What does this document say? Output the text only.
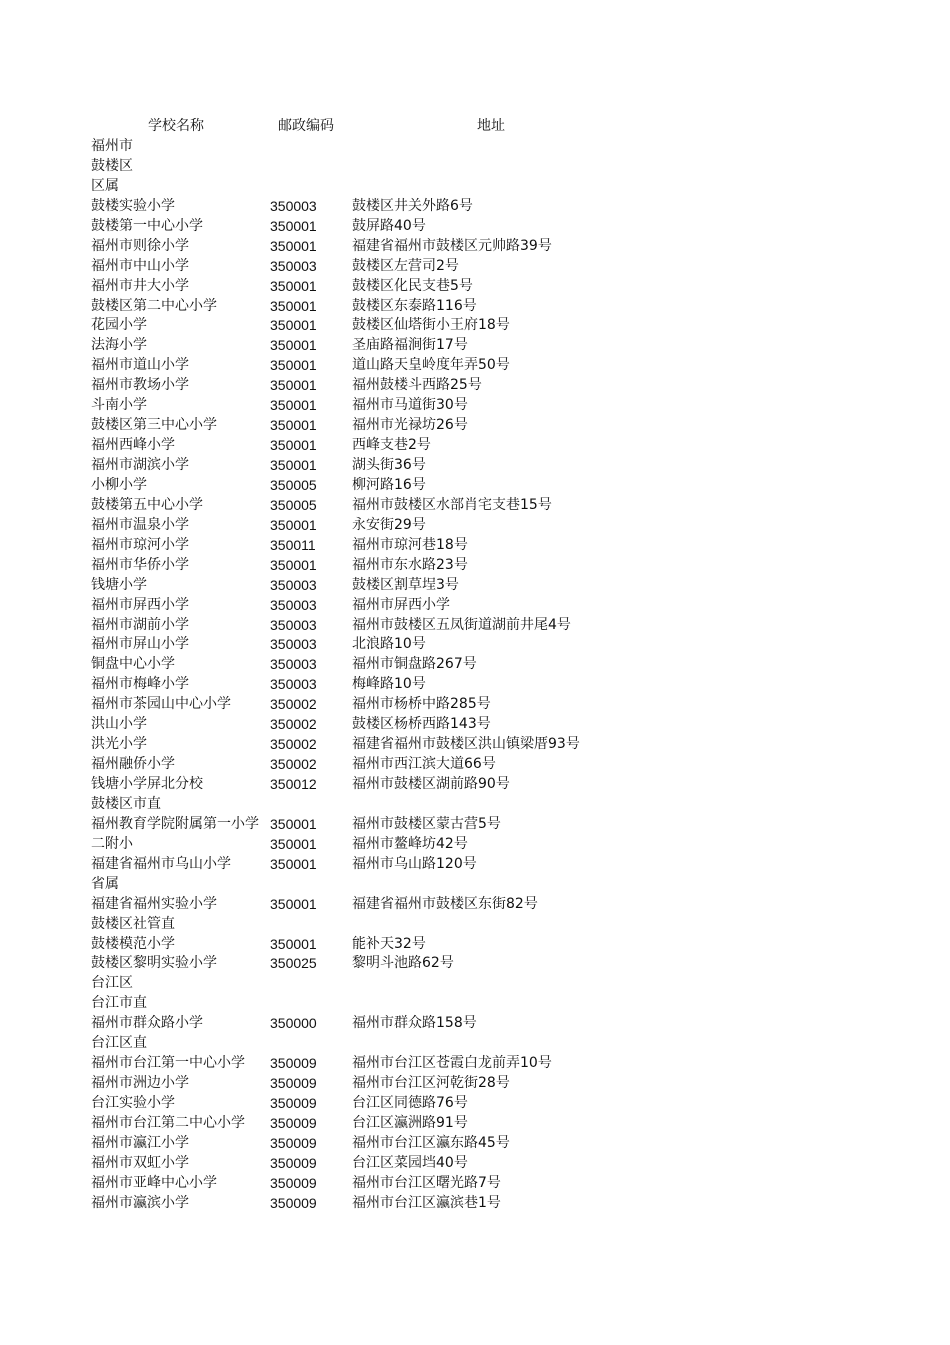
学校名称	邮政编码	地址
福州市
鼓楼区
区属
鼓楼实验小学	350003	鼓楼区井关外路6号
鼓楼第一中心小学	350001	鼓屏路40号
福州市则徐小学	350001	福建省福州市鼓楼区元帅路39号
福州市中山小学	350003	鼓楼区左营司2号
福州市井大小学	350001	鼓楼区化民支巷5号
鼓楼区第二中心小学	350001	鼓楼区东泰路116号
花园小学	350001	鼓楼区仙塔街小王府18号
法海小学	350001	圣庙路福涧街17号
福州市道山小学	350001	道山路天皇岭度年弄50号
福州市教场小学	350001	福州鼓楼斗西路25号
斗南小学	350001	福州市马道街30号
鼓楼区第三中心小学	350001	福州市光禄坊26号
福州西峰小学	350001	西峰支巷2号
福州市湖滨小学	350001	湖头街36号
小柳小学	350005	柳河路16号
鼓楼第五中心小学	350005	福州市鼓楼区水部肖宅支巷15号
福州市温泉小学	350001	永安街29号
福州市琼河小学	350011	福州市琼河巷18号
福州市华侨小学	350001	福州市东水路23号
钱塘小学	350003	鼓楼区割草埕3号
福州市屏西小学	350003	福州市屏西小学
福州市湖前小学	350003	福州市鼓楼区五凤街道湖前井尾4号
福州市屏山小学	350003	北浪路10号
铜盘中心小学	350003	福州市铜盘路267号
福州市梅峰小学	350003	梅峰路10号
福州市茶园山中心小学	350002	福州市杨桥中路285号
洪山小学	350002	鼓楼区杨桥西路143号
洪光小学	350002	福建省福州市鼓楼区洪山镇梁厝93号
福州融侨小学	350002	福州市西江滨大道66号
钱塘小学屏北分校	350012	福州市鼓楼区湖前路90号
鼓楼区市直
福州教育学院附属第一小学 350001	福州市鼓楼区蒙古营5号
二附小	350001	福州市鳌峰坊42号
福建省福州市乌山小学	350001	福州市乌山路120号
省属
福建省福州实验小学	350001	福建省福州市鼓楼区东街82号
鼓楼区社管直
鼓楼模范小学	350001	能补天32号
鼓楼区黎明实验小学	350025	黎明斗池路62号
台江区
台江市直
福州市群众路小学	350000	福州市群众路158号
台江区直
福州市台江第一中心小学 350009	福州市台江区苍霞白龙前弄10号
福州市洲边小学	350009	福州市台江区河乾街28号
台江实验小学	350009	台江区同德路76号
福州市台江第二中心小学 350009	台江区瀛洲路91号
福州市瀛江小学	350009	福州市台江区瀛东路45号
福州市双虹小学	350009	台江区菜园垱40号
福州市亚峰中心小学	350009	福州市台江区曙光路7号
福州市瀛滨小学	350009	福州市台江区瀛滨巷1号
